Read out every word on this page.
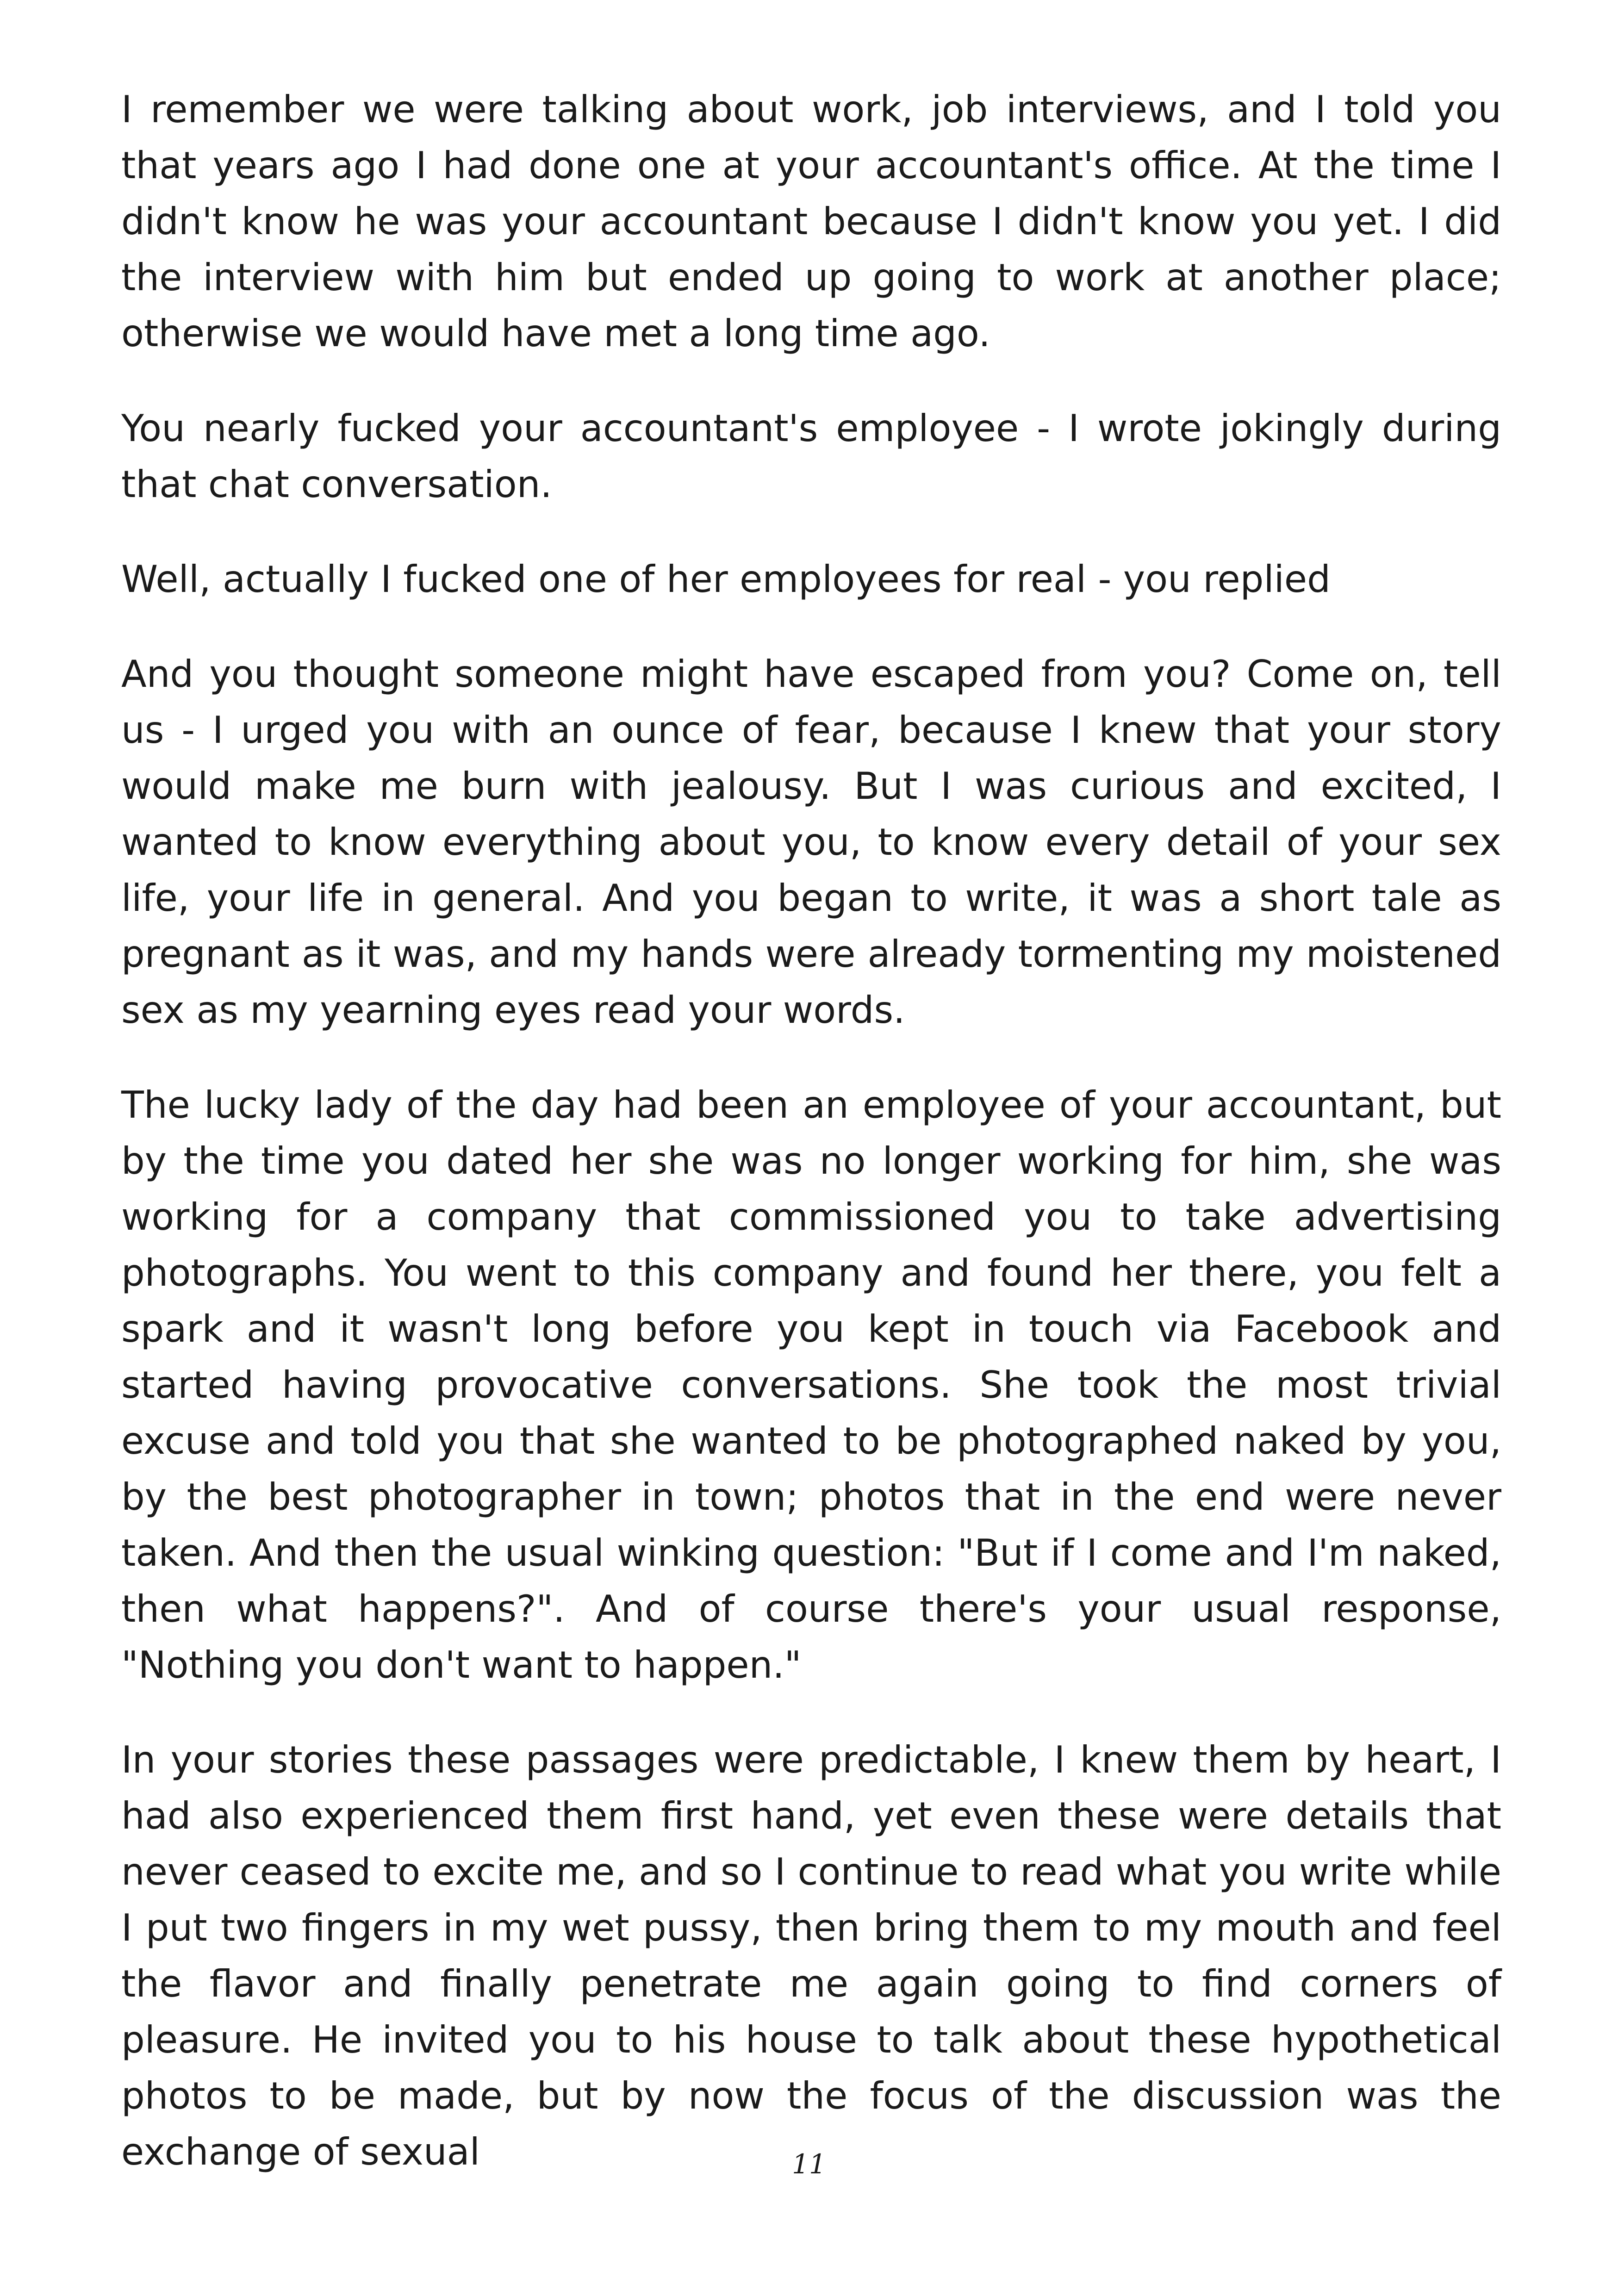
I remember we were talking about work, job interviews, and I told you that years ago I had done one at your accountant's office. At the time I didn't know he was your accountant because I didn't know you yet. I did the interview with him but ended up going to work at another place; otherwise we would have met a long time ago.

You nearly fucked your accountant's employee - I wrote jokingly during that chat conversation.

Well, actually I fucked one of her employees for real - you replied

And you thought someone might have escaped from you? Come on, tell us - I urged you with an ounce of fear, because I knew that your story would make me burn with jealousy. But I was curious and excited, I wanted to know everything about you, to know every detail of your sex life, your life in general. And you began to write, it was a short tale as pregnant as it was, and my hands were already tormenting my moistened sex as my yearning eyes read your words.

The lucky lady of the day had been an employee of your accountant, but by the time you dated her she was no longer working for him, she was working for a company that commissioned you to take advertising photographs. You went to this company and found her there, you felt a spark and it wasn't long before you kept in touch via Facebook and started having provocative conversations. She took the most trivial excuse and told you that she wanted to be photographed naked by you, by the best photographer in town; photos that in the end were never taken. And then the usual winking question: "But if I come and I'm naked, then what happens?". And of course there's your usual response, "Nothing you don't want to happen."

In your stories these passages were predictable, I knew them by heart, I had also experienced them first hand, yet even these were details that never ceased to excite me, and so I continue to read what you write while I put two fingers in my wet pussy, then bring them to my mouth and feel the flavor and finally penetrate me again going to find corners of pleasure. He invited you to his house to talk about these hypothetical photos to be made, but by now the focus of the discussion was the exchange of sexual	11
